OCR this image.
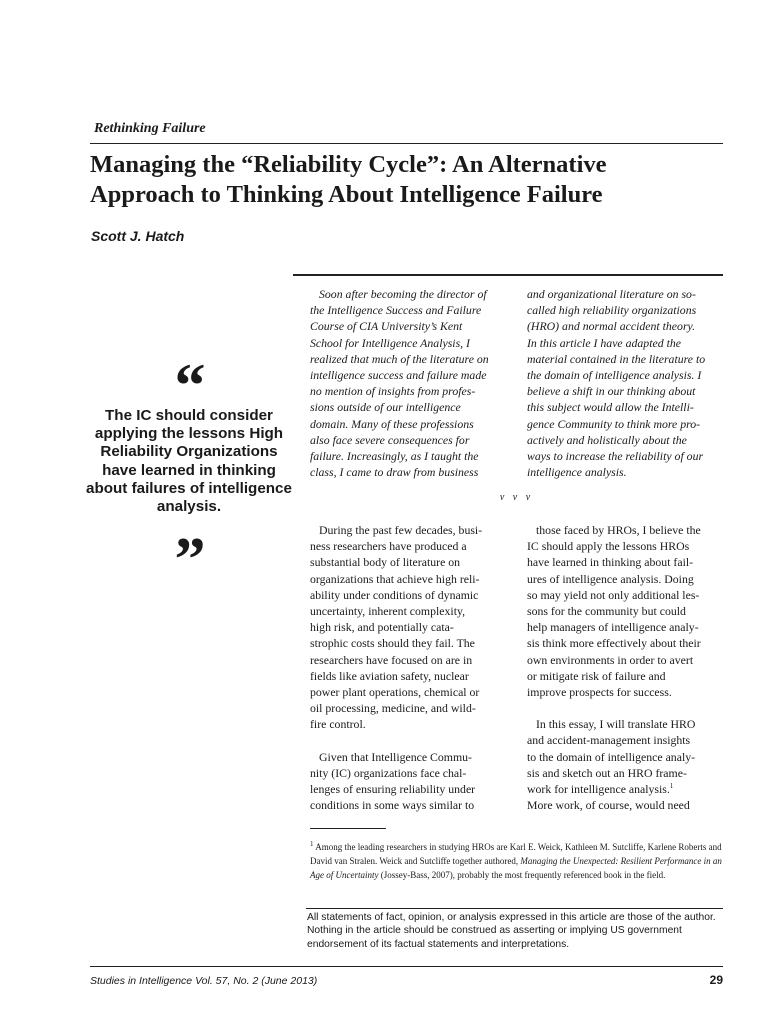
Rethinking Failure
Managing the “Reliability Cycle”: An Alternative
Approach to Thinking About Intelligence Failure
Scott J. Hatch
“
The IC should consider applying the lessons High Reliability Organizations have learned in thinking about failures of intelligence analysis.
”
Soon after becoming the director of
the Intelligence Success and Failure
Course of CIA University’s Kent
School for Intelligence Analysis, I
realized that much of the literature on
intelligence success and failure made
no mention of insights from profes-
sions outside of our intelligence
domain. Many of these professions
also face severe consequences for
failure. Increasingly, as I taught the
class, I came to draw from business
and organizational literature on so-
called high reliability organizations
(HRO) and normal accident theory.
In this article I have adapted the
material contained in the literature to
the domain of intelligence analysis. I
believe a shift in our thinking about
this subject would allow the Intelli-
gence Community to think more pro-
actively and holistically about the
ways to increase the reliability of our
intelligence analysis.
v v v

During the past few decades, busi-
ness researchers have produced a
substantial body of literature on
organizations that achieve high reli-
ability under conditions of dynamic
uncertainty, inherent complexity,
high risk, and potentially cata-
strophic costs should they fail. The
researchers have focused on are in
fields like aviation safety, nuclear
power plant operations, chemical or
oil processing, medicine, and wild-
fire control.

Given that Intelligence Commu-
nity (IC) organizations face chal-
lenges of ensuring reliability under
conditions in some ways similar to

those faced by HROs, I believe the
IC should apply the lessons HROs
have learned in thinking about fail-
ures of intelligence analysis. Doing
so may yield not only additional les-
sons for the community but could
help managers of intelligence analy-
sis think more effectively about their
own environments in order to avert
or mitigate risk of failure and
improve prospects for success.

In this essay, I will translate HRO
and accident-management insights
to the domain of intelligence analy-
sis and sketch out an HRO frame-
work for intelligence analysis.$^1$
More work, of course, would need

$^1$ Among the leading researchers in studying HROs are Karl E. Weick, Kathleen M. Sutcliffe, Karlene Roberts and David van Stralen. Weick and Sutcliffe together authored, Managing the Unexpected: Resilient Performance in an Age of Uncertainty (Jossey-Bass, 2007), probably the most frequently referenced book in the field.
All statements of fact, opinion, or analysis expressed in this article are those of the author. Nothing in the article should be construed as asserting or implying US government endorsement of its factual statements and interpretations.
Studies in Intelligence Vol. 57, No. 2 (June 2013)	29
